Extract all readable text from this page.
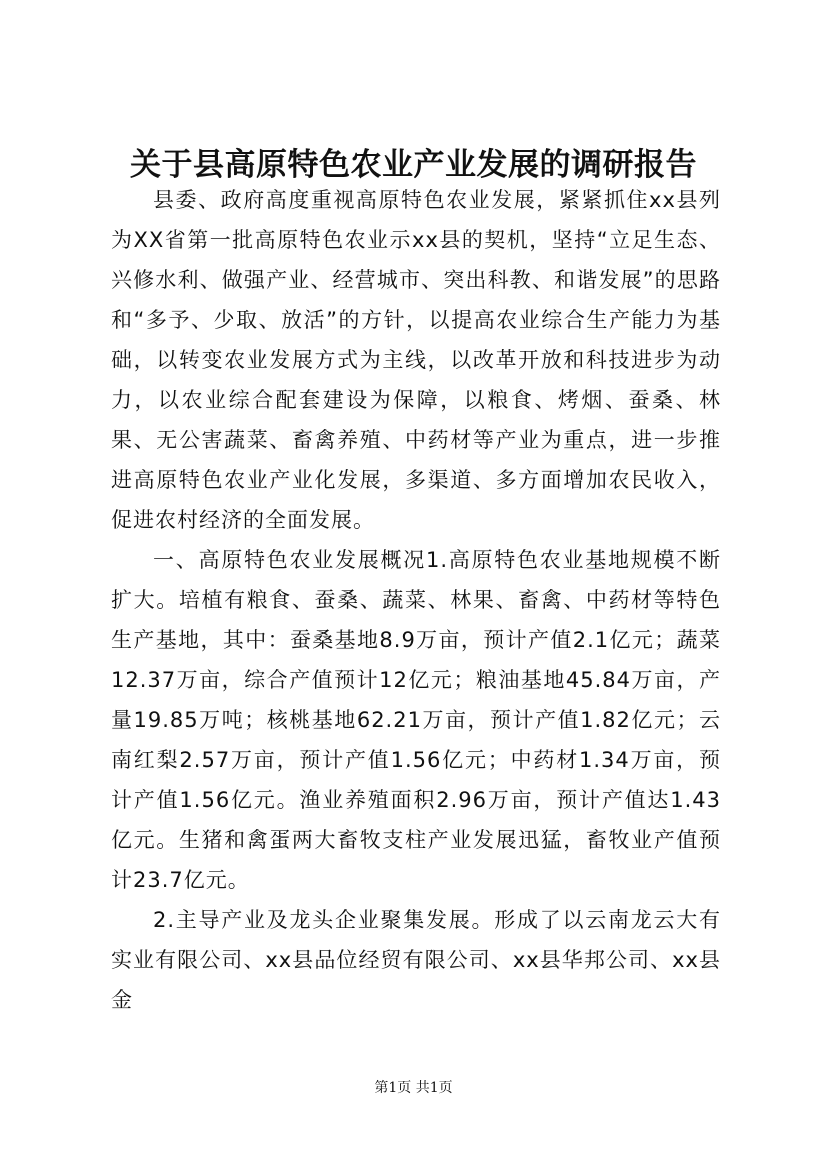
关于县高原特色农业产业发展的调研报告

县委、政府高度重视高原特色农业发展，紧紧抓住xx县列为XX省第一批高原特色农业示xx县的契机，坚持“立足生态、兴修水利、做强产业、经营城市、突出科教、和谐发展”的思路和“多予、少取、放活”的方针，以提高农业综合生产能力为基础，以转变农业发展方式为主线，以改革开放和科技进步为动力，以农业综合配套建设为保障，以粮食、烤烟、蚕桑、林果、无公害蔬菜、畜禽养殖、中药材等产业为重点，进一步推进高原特色农业产业化发展，多渠道、多方面增加农民收入，促进农村经济的全面发展。

一、高原特色农业发展概况1.高原特色农业基地规模不断扩大。培植有粮食、蚕桑、蔬菜、林果、畜禽、中药材等特色生产基地，其中：蚕桑基地8.9万亩，预计产值2.1亿元；蔬菜12.37万亩，综合产值预计12亿元；粮油基地45.84万亩，产量19.85万吨；核桃基地62.21万亩，预计产值1.82亿元；云南红梨2.57万亩，预计产值1.56亿元；中药材1.34万亩，预计产值1.56亿元。渔业养殖面积2.96万亩，预计产值达1.43亿元。生猪和禽蛋两大畜牧支柱产业发展迅猛，畜牧业产值预计23.7亿元。

2.主导产业及龙头企业聚集发展。形成了以云南龙云大有实业有限公司、xx县品位经贸有限公司、xx县华邦公司、xx县金

第1页 共1页
